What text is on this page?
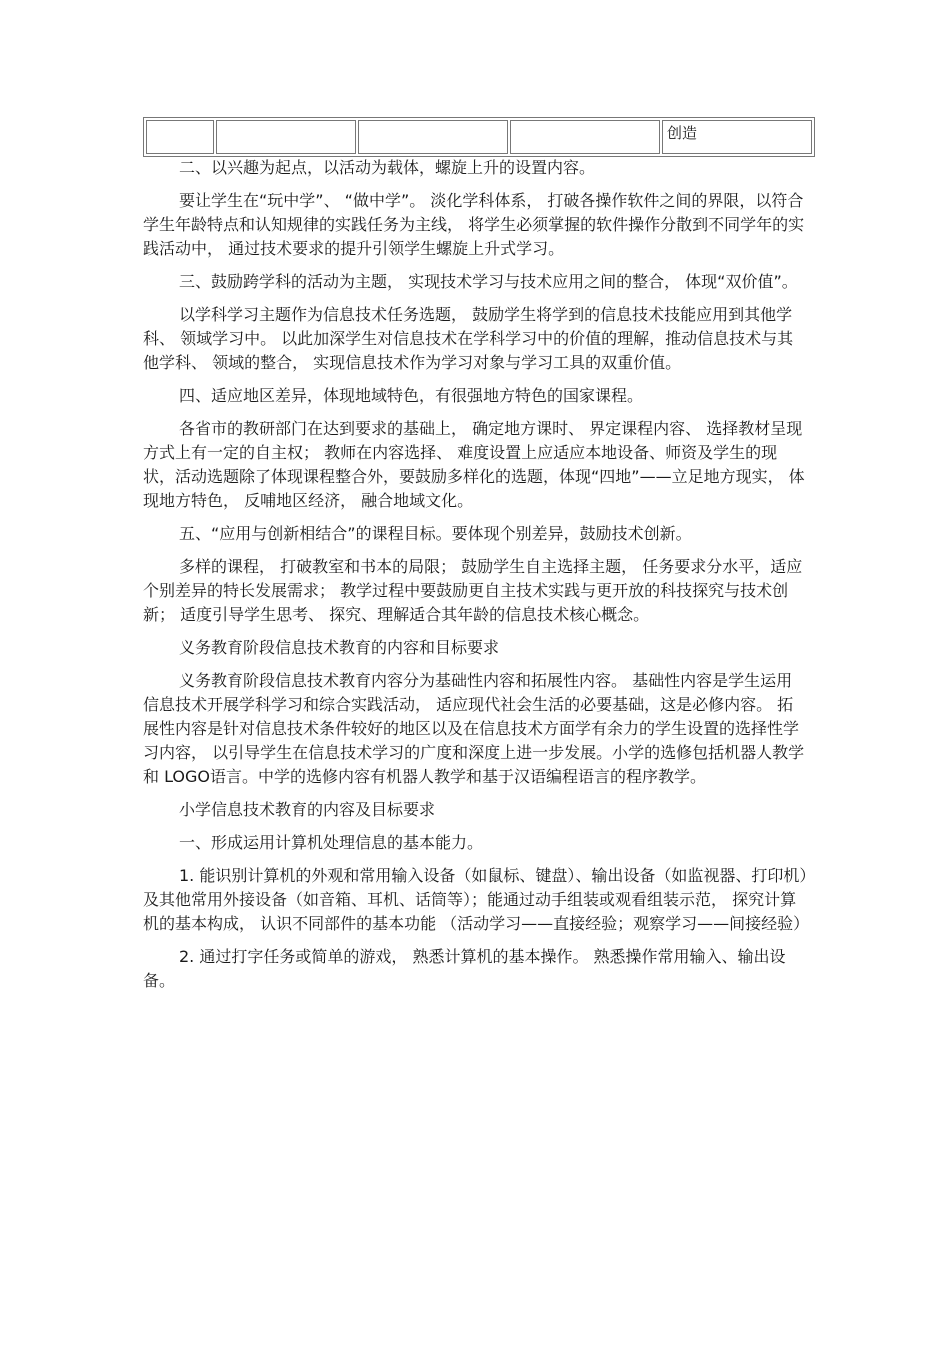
				创造

二、以兴趣为起点，以活动为载体，螺旋上升的设置内容。

要让学生在“玩中学”、 “做中学”。 淡化学科体系， 打破各操作软件之间的界限，以符合学生年龄特点和认知规律的实践任务为主线， 将学生必须掌握的软件操作分散到不同学年的实践活动中， 通过技术要求的提升引领学生螺旋上升式学习。

三、鼓励跨学科的活动为主题， 实现技术学习与技术应用之间的整合， 体现“双价值”。

以学科学习主题作为信息技术任务选题， 鼓励学生将学到的信息技术技能应用到其他学科、 领域学习中。 以此加深学生对信息技术在学科学习中的价值的理解，推动信息技术与其他学科、 领域的整合， 实现信息技术作为学习对象与学习工具的双重价值。

四、适应地区差异，体现地域特色，有很强地方特色的国家课程。

各省市的教研部门在达到要求的基础上， 确定地方课时、 界定课程内容、 选择教材呈现方式上有一定的自主权； 教师在内容选择、 难度设置上应适应本地设备、师资及学生的现状，活动选题除了体现课程整合外，要鼓励多样化的选题，体现“四地”——立足地方现实， 体现地方特色， 反哺地区经济， 融合地域文化。

五、“应用与创新相结合”的课程目标。要体现个别差异，鼓励技术创新。

多样的课程， 打破教室和书本的局限； 鼓励学生自主选择主题， 任务要求分水平，适应个别差异的特长发展需求； 教学过程中要鼓励更自主技术实践与更开放的科技探究与技术创新； 适度引导学生思考、 探究、理解适合其年龄的信息技术核心概念。

义务教育阶段信息技术教育的内容和目标要求

义务教育阶段信息技术教育内容分为基础性内容和拓展性内容。 基础性内容是学生运用信息技术开展学科学习和综合实践活动， 适应现代社会生活的必要基础，这是必修内容。 拓展性内容是针对信息技术条件较好的地区以及在信息技术方面学有余力的学生设置的选择性学习内容， 以引导学生在信息技术学习的广度和深度上进一步发展。小学的选修包括机器人教学和 LOGO语言。中学的选修内容有机器人教学和基于汉语编程语言的程序教学。

小学信息技术教育的内容及目标要求

一、形成运用计算机处理信息的基本能力。

1. 能识别计算机的外观和常用输入设备（如鼠标、键盘）、输出设备（如监视器、打印机）及其他常用外接设备（如音箱、耳机、话筒等）；能通过动手组装或观看组装示范， 探究计算机的基本构成， 认识不同部件的基本功能 （活动学习——直接经验；观察学习——间接经验）

2. 通过打字任务或简单的游戏， 熟悉计算机的基本操作。 熟悉操作常用输入、输出设备。
